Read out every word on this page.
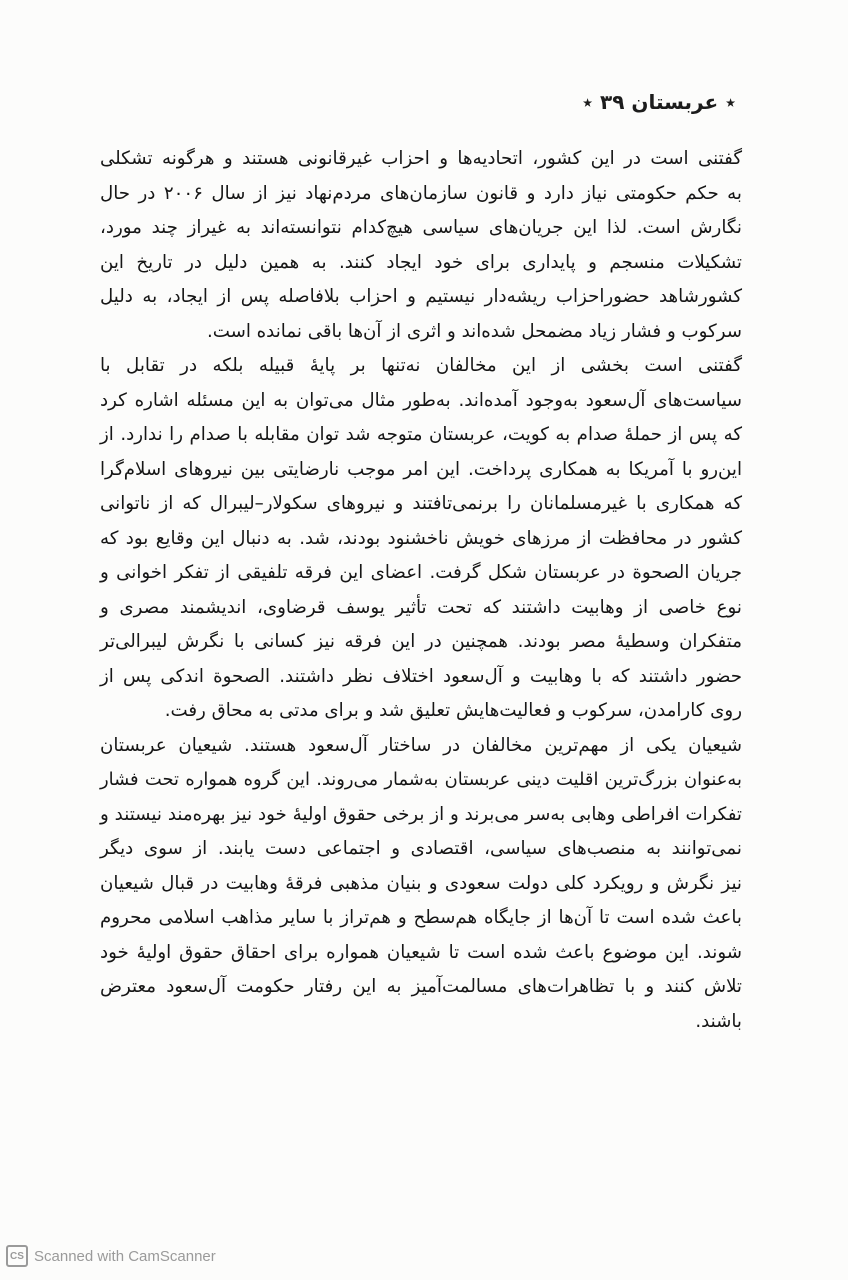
٭ عربستان ٣٩ ٭
گفتنی است در این کشور، اتحادیه‌ها و احزاب غیرقانونی هستند و هرگونه تشکلی
به حکم حکومتی نیاز دارد و قانون سازمان‌های مردم‌نهاد نیز از سال ۲۰۰۶ در حال
نگارش است. لذا این جریان‌های سیاسی هیچ‌کدام نتوانسته‌اند به غیراز چند مورد،
تشکیلات منسجم و پایداری برای خود ایجاد کنند. به همین دلیل در تاریخ این
کشورشاهد حضوراحزاب ریشه‌دار نیستیم و احزاب بلافاصله پس از ایجاد، به دلیل
سرکوب و فشار زیاد مضمحل شده‌اند و اثری از آن‌ها باقی نمانده است.
گفتنی است بخشی از این مخالفان نه‌تنها بر پایهٔ قبیله بلکه در تقابل با
سیاست‌های آل‌سعود به‌وجود آمده‌اند. به‌طور مثال می‌توان به این مسئله اشاره کرد
که پس از حملهٔ صدام به کویت، عربستان متوجه شد توان مقابله با صدام را ندارد. از
این‌رو با آمریکا به همکاری پرداخت. این امر موجب نارضایتی بین نیروهای اسلام‌گرا
که همکاری با غیرمسلمانان را برنمی‌تافتند و نیروهای سکولار–لیبرال که از ناتوانی
کشور در محافظت از مرزهای خویش ناخشنود بودند، شد. به دنبال این وقایع بود که
جریان الصحوة در عربستان شکل گرفت. اعضای این فرقه تلفیقی از تفکر اخوانی و
نوع خاصی از وهابیت داشتند که تحت تأثیر یوسف قرضاوی، اندیشمند مصری و
متفکران وسطیهٔ مصر بودند. همچنین در این فرقه نیز کسانی با نگرش لیبرالی‌تر
حضور داشتند که با وهابیت و آل‌سعود اختلاف نظر داشتند. الصحوة اندکی پس از
روی کارامدن، سرکوب و فعالیت‌هایش تعلیق شد و برای مدتی به محاق رفت.
شیعیان یکی از مهم‌ترین مخالفان در ساختار آل‌سعود هستند. شیعیان عربستان
به‌عنوان بزرگ‌ترین اقلیت دینی عربستان به‌شمار می‌روند. این گروه همواره تحت فشار
تفکرات افراطی وهابی به‌سر می‌برند و از برخی حقوق اولیهٔ خود نیز بهره‌مند نیستند و
نمی‌توانند به منصب‌های سیاسی، اقتصادی و اجتماعی دست یابند. از سوی دیگر
نیز نگرش و رویکرد کلی دولت سعودی و بنیان مذهبی فرقهٔ وهابیت در قبال شیعیان
باعث شده است تا آن‌ها از جایگاه هم‌سطح و هم‌تراز با سایر مذاهب اسلامی محروم
شوند. این موضوع باعث شده است تا شیعیان همواره برای احقاق حقوق اولیهٔ خود
تلاش کنند و با تظاهرات‌های مسالمت‌آمیز به این رفتار حکومت آل‌سعود معترض
باشند.
CS Scanned with CamScanner
